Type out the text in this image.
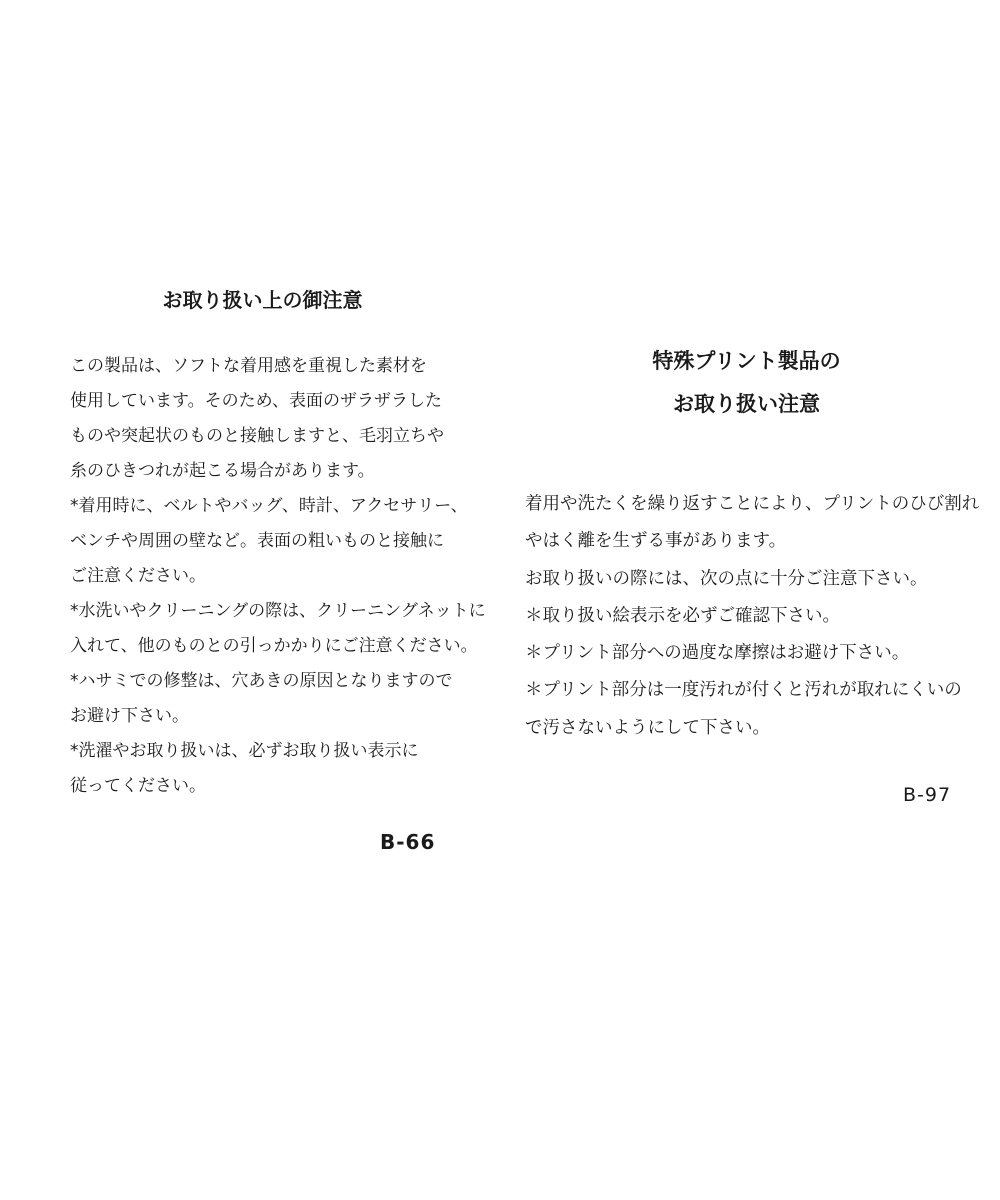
お取り扱い上の御注意
この製品は、ソフトな着用感を重視した素材を
使用しています。そのため、表面のザラザラした
ものや突起状のものと接触しますと、毛羽立ちや
糸のひきつれが起こる場合があります。
*着用時に、ベルトやバッグ、時計、アクセサリー、
ベンチや周囲の壁など。表面の粗いものと接触に
ご注意ください。
*水洗いやクリーニングの際は、クリーニングネットに
入れて、他のものとの引っかかりにご注意ください。
*ハサミでの修整は、穴あきの原因となりますので
お避け下さい。
*洗濯やお取り扱いは、必ずお取り扱い表示に
従ってください。
B-66
特殊プリント製品の
お取り扱い注意
着用や洗たくを繰り返すことにより、プリントのひび割れ
やはく離を生ずる事があります。
お取り扱いの際には、次の点に十分ご注意下さい。
＊取り扱い絵表示を必ずご確認下さい。
＊プリント部分への過度な摩擦はお避け下さい。
＊プリント部分は一度汚れが付くと汚れが取れにくいの
で汚さないようにして下さい。
B-97
